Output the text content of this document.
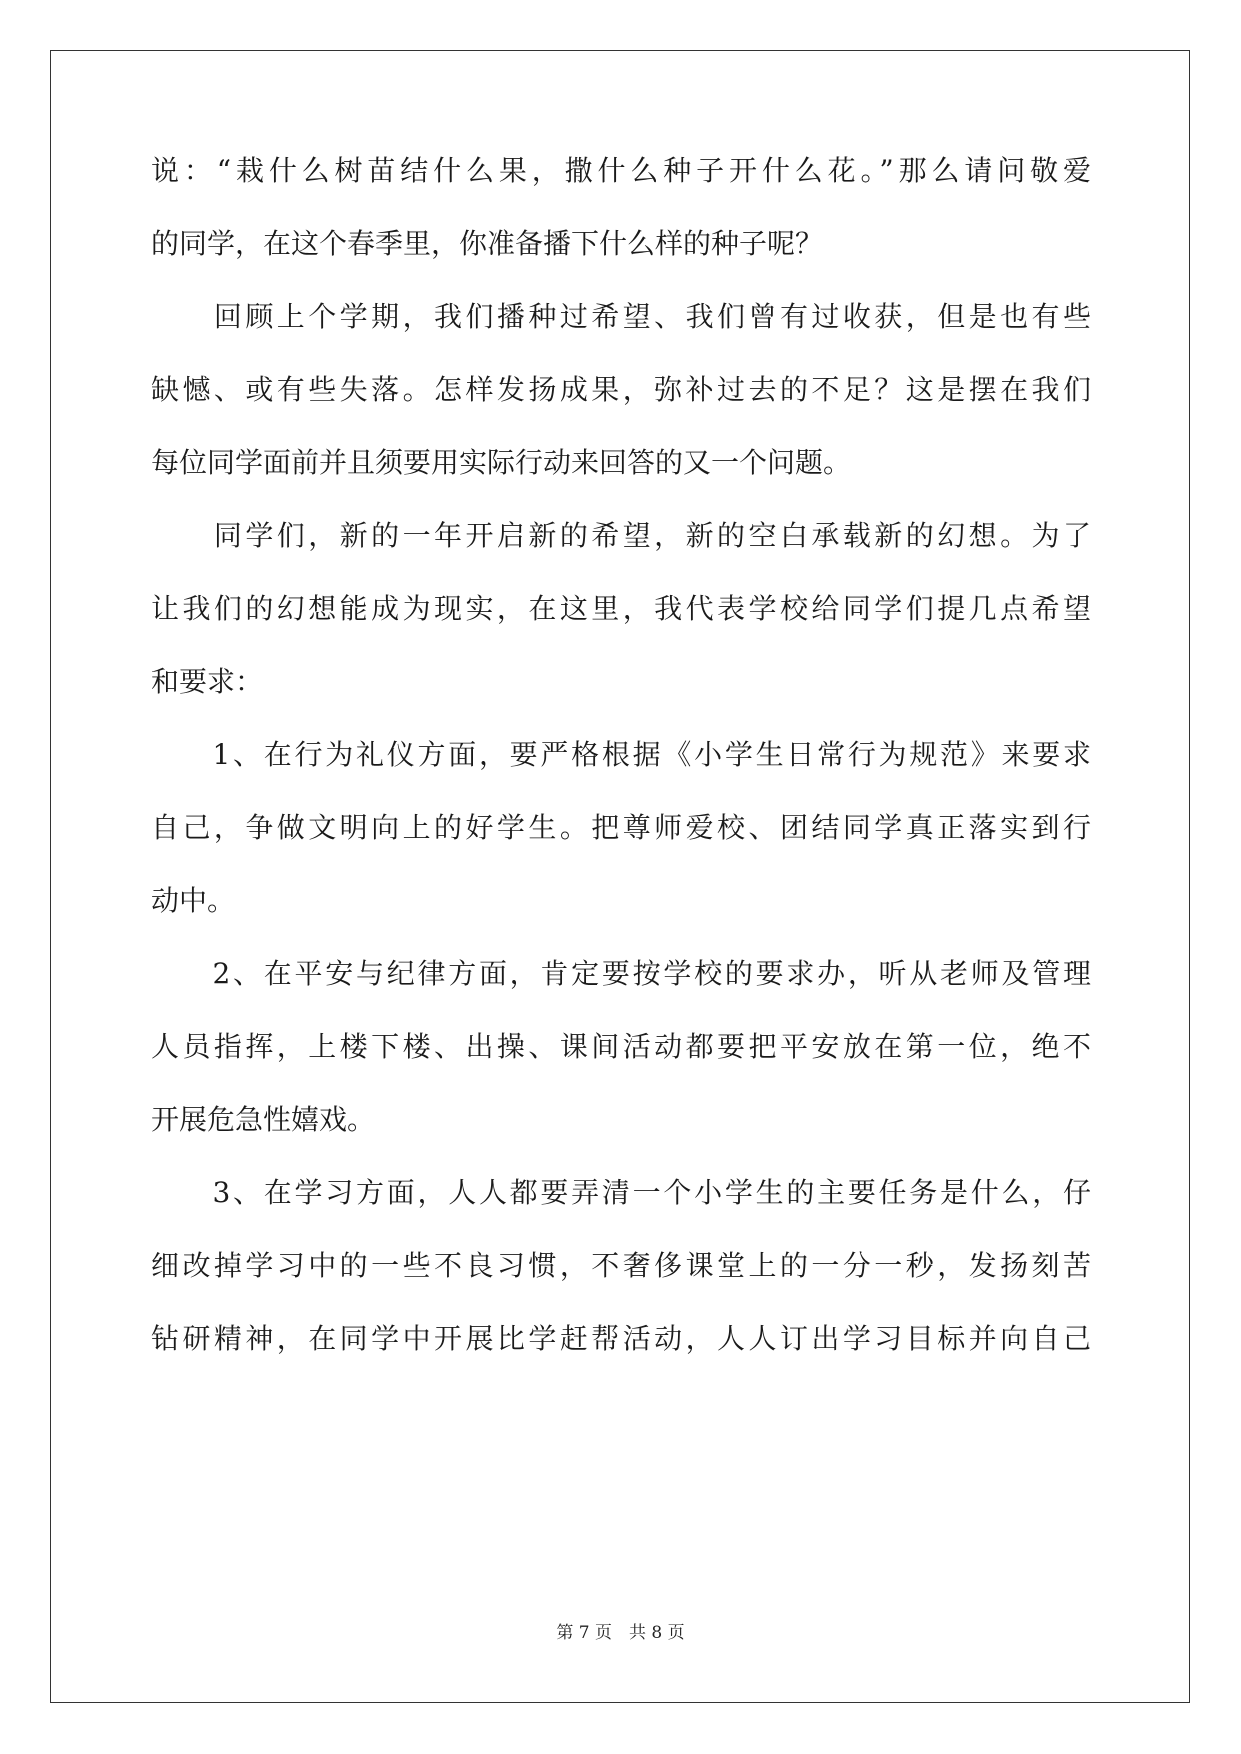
说：“栽什么树苗结什么果，撒什么种子开什么花。”那么请问敬爱
的同学，在这个春季里，你准备播下什么样的种子呢？
　　回顾上个学期，我们播种过希望、我们曾有过收获，但是也有些
缺憾、或有些失落。怎样发扬成果，弥补过去的不足？这是摆在我们
每位同学面前并且须要用实际行动来回答的又一个问题。
　　同学们，新的一年开启新的希望，新的空白承载新的幻想。为了
让我们的幻想能成为现实，在这里，我代表学校给同学们提几点希望
和要求：
　　1、在行为礼仪方面，要严格根据《小学生日常行为规范》来要求
自己，争做文明向上的好学生。把尊师爱校、团结同学真正落实到行
动中。
　　2、在平安与纪律方面，肯定要按学校的要求办，听从老师及管理
人员指挥，上楼下楼、出操、课间活动都要把平安放在第一位，绝不
开展危急性嬉戏。
　　3、在学习方面，人人都要弄清一个小学生的主要任务是什么，仔
细改掉学习中的一些不良习惯，不奢侈课堂上的一分一秒，发扬刻苦
钻研精神，在同学中开展比学赶帮活动，人人订出学习目标并向自己
第 7 页　共 8 页
